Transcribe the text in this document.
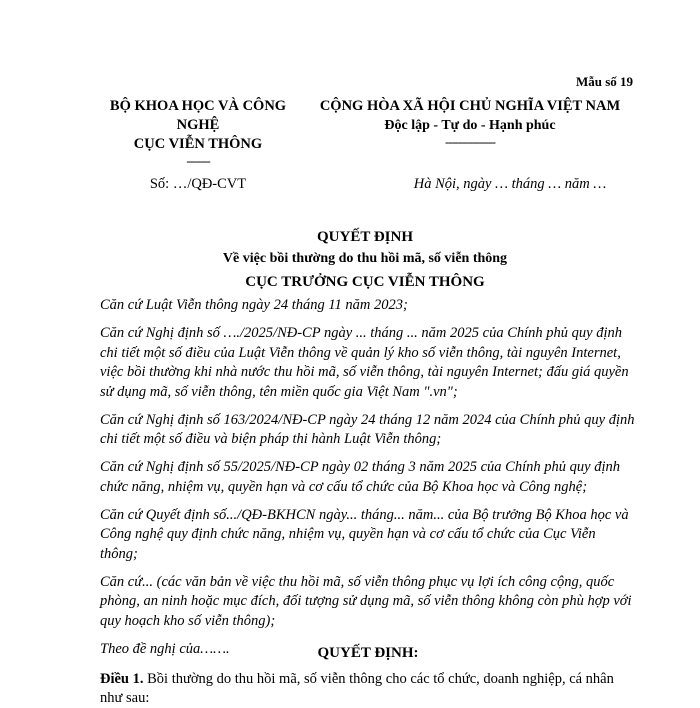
Mẫu số 19
BỘ KHOA HỌC VÀ CÔNG NGHỆ
CỤC VIỄN THÔNG
-------
CỘNG HÒA XÃ HỘI CHỦ NGHĨA VIỆT NAM
Độc lập - Tự do - Hạnh phúc
---------------
Số: …/QĐ-CVT	Hà Nội, ngày … tháng … năm …
QUYẾT ĐỊNH
Về việc bồi thường do thu hồi mã, số viễn thông
CỤC TRƯỞNG CỤC VIỄN THÔNG

Căn cứ Luật Viễn thông ngày 24 tháng 11 năm 2023;

Căn cứ Nghị định số …./2025/NĐ-CP ngày ... tháng ... năm 2025 của Chính phủ quy định chi tiết một số điều của Luật Viễn thông về quản lý kho số viễn thông, tài nguyên Internet, việc bồi thường khi nhà nước thu hồi mã, số viễn thông, tài nguyên Internet; đấu giá quyền sử dụng mã, số viễn thông, tên miền quốc gia Việt Nam ".vn";

Căn cứ Nghị định số 163/2024/NĐ-CP ngày 24 tháng 12 năm 2024 của Chính phủ quy định chi tiết một số điều và biện pháp thi hành Luật Viễn thông;

Căn cứ Nghị định số 55/2025/NĐ-CP ngày 02 tháng 3 năm 2025 của Chính phủ quy định chức năng, nhiệm vụ, quyền hạn và cơ cấu tổ chức của Bộ Khoa học và Công nghệ;

Căn cứ Quyết định số.../QĐ-BKHCN ngày... tháng... năm... của Bộ trưởng Bộ Khoa học và Công nghệ quy định chức năng, nhiệm vụ, quyền hạn và cơ cấu tổ chức của Cục Viễn thông;

Căn cứ... (các văn bản về việc thu hồi mã, số viễn thông phục vụ lợi ích công cộng, quốc phòng, an ninh hoặc mục đích, đối tượng sử dụng mã, số viễn thông không còn phù hợp với quy hoạch kho số viễn thông);

Theo đề nghị của…….	QUYẾT ĐỊNH:
Điều 1. Bồi thường do thu hồi mã, số viễn thông cho các tổ chức, doanh nghiệp, cá nhân như sau:
